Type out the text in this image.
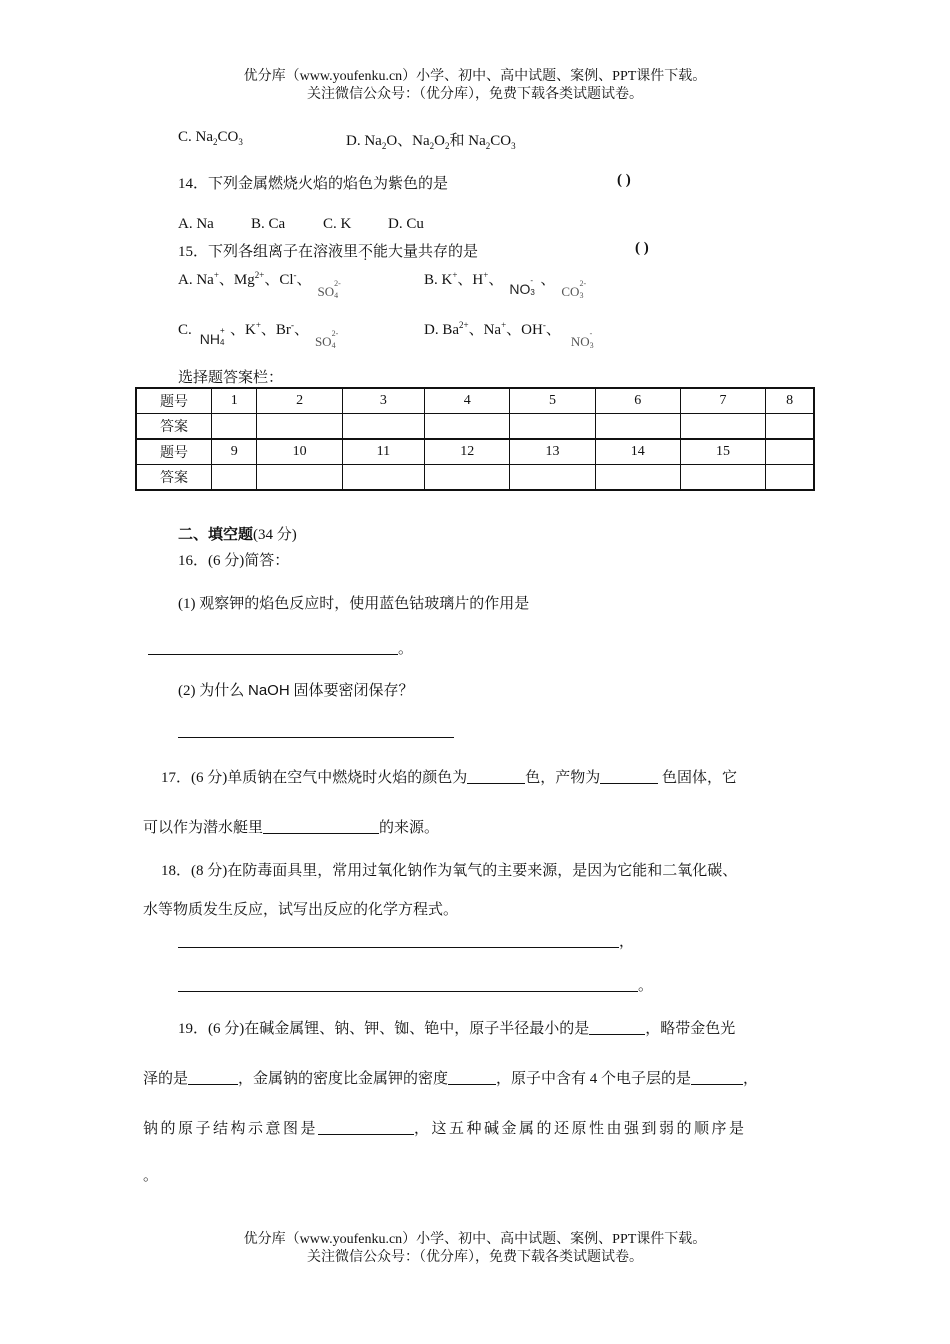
优分库（www.youfenku.cn）小学、初中、高中试题、案例、PPT课件下载。
关注微信公众号：（优分库），免费下载各类试题试卷。
C. $Na_2CO_3$	D. $Na_2O$、$Na_2O_2$和 $Na_2CO_3$
14．下列金属燃烧火焰的焰色为紫色的是	( )
A. Na B. Ca	C. K D. Cu
15．下列各组离子在溶液里不能大量共存的是	( )
A. Na+、$Mg^{2+}$、Cl-、SO
2-
4
B. K+、H+、NO
-
3
、CO
2-
3
C.NH
+
4
、K+、Br-、SO
2-
4
D. $Ba^{2+}$、Na+、OH-、NO
-
3
选择题答案栏：
题号	1	2	3	4	5	6	7	8
答案								
题号	9	10	11	12	13	14	15	
答案								
二、填空题(34 分)
16．(6 分)简答：
(1) 观察钾的焰色反应时，使用蓝色钴玻璃片的作用是
。
(2) 为什么 NaOH 固体要密闭保存？
17．(6 分)单质钠在空气中燃烧时火焰的颜色为	色，产物为	色固体，它
可以作为潜水艇里	的来源。
18．(8 分)在防毒面具里，常用过氧化钠作为氧气的主要来源，是因为它能和二氧化碳、
水等物质发生反应，试写出反应的化学方程式。
，
。
19．(6 分)在碱金属锂、钠、钾、铷、铯中，原子半径最小的是	，略带金色光
泽的是	，金属钠的密度比金属钾的密度	，原子中含有 4 个电子层的是	，
钠的原子结构示意图是	，这五种碱金属的还原性由强到弱的顺序是
。
优分库（www.youfenku.cn）小学、初中、高中试题、案例、PPT课件下载。
关注微信公众号：（优分库），免费下载各类试题试卷。
